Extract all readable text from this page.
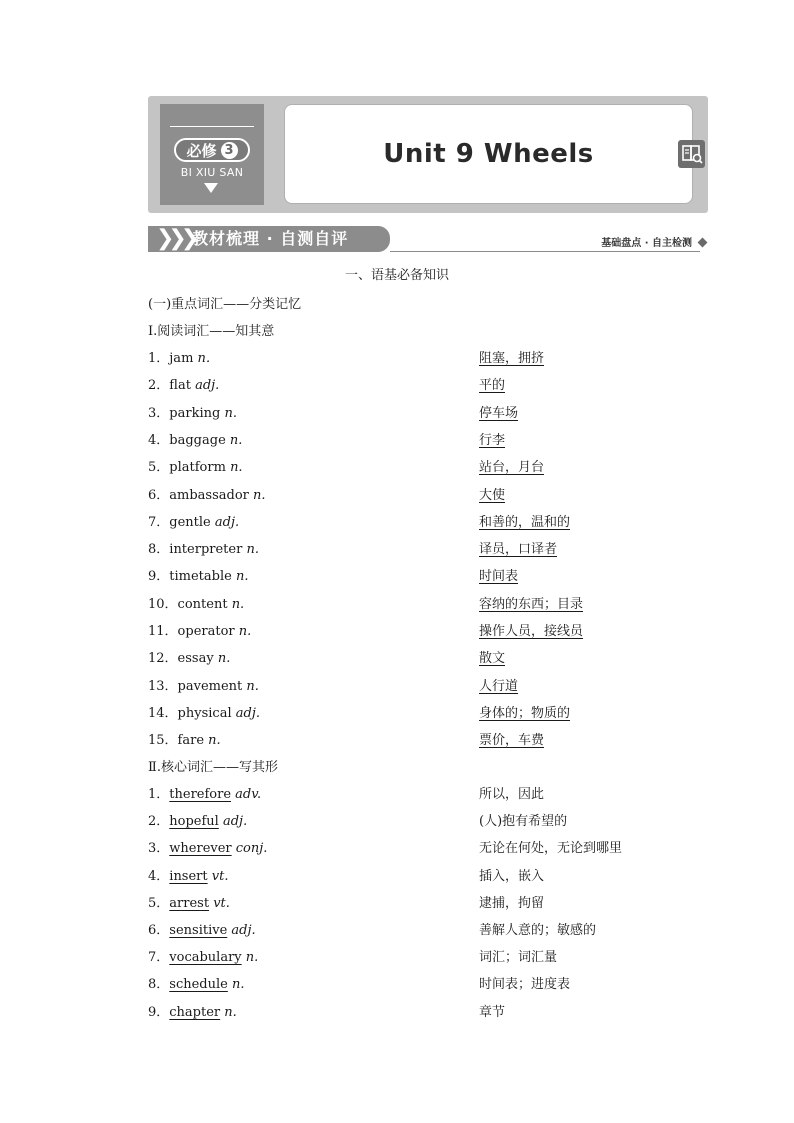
必修 3
BI XIU SAN
Unit 9 Wheels
❯❯❯
教材梳理 · 自测自评	基础盘点 · 自主检测
一、语基必备知识
(一)重点词汇——分类记忆
Ⅰ.阅读词汇——知其意
1．jam n．	阻塞，拥挤
2．flat adj.	平的
3．parking n.	停车场
4．baggage n.	行李
5．platform n.	站台，月台
6．ambassador n.	大使
7．gentle adj.	和善的，温和的
8．interpreter n.	译员，口译者
9．timetable n.	时间表
10．content n.	容纳的东西；目录
11．operator n.	操作人员，接线员
12．essay n.	散文
13．pavement n.	人行道
14．physical adj.	身体的；物质的
15．fare n.	票价，车费
Ⅱ.核心词汇——写其形
1．therefore adv.	所以，因此
2．hopeful adj.	(人)抱有希望的
3．wherever conj.	无论在何处，无论到哪里
4．insert vt.	插入，嵌入
5．arrest vt.	逮捕，拘留
6．sensitive adj.	善解人意的；敏感的
7．vocabulary n.	词汇；词汇量
8．schedule n.	时间表；进度表
9．chapter n.	章节
